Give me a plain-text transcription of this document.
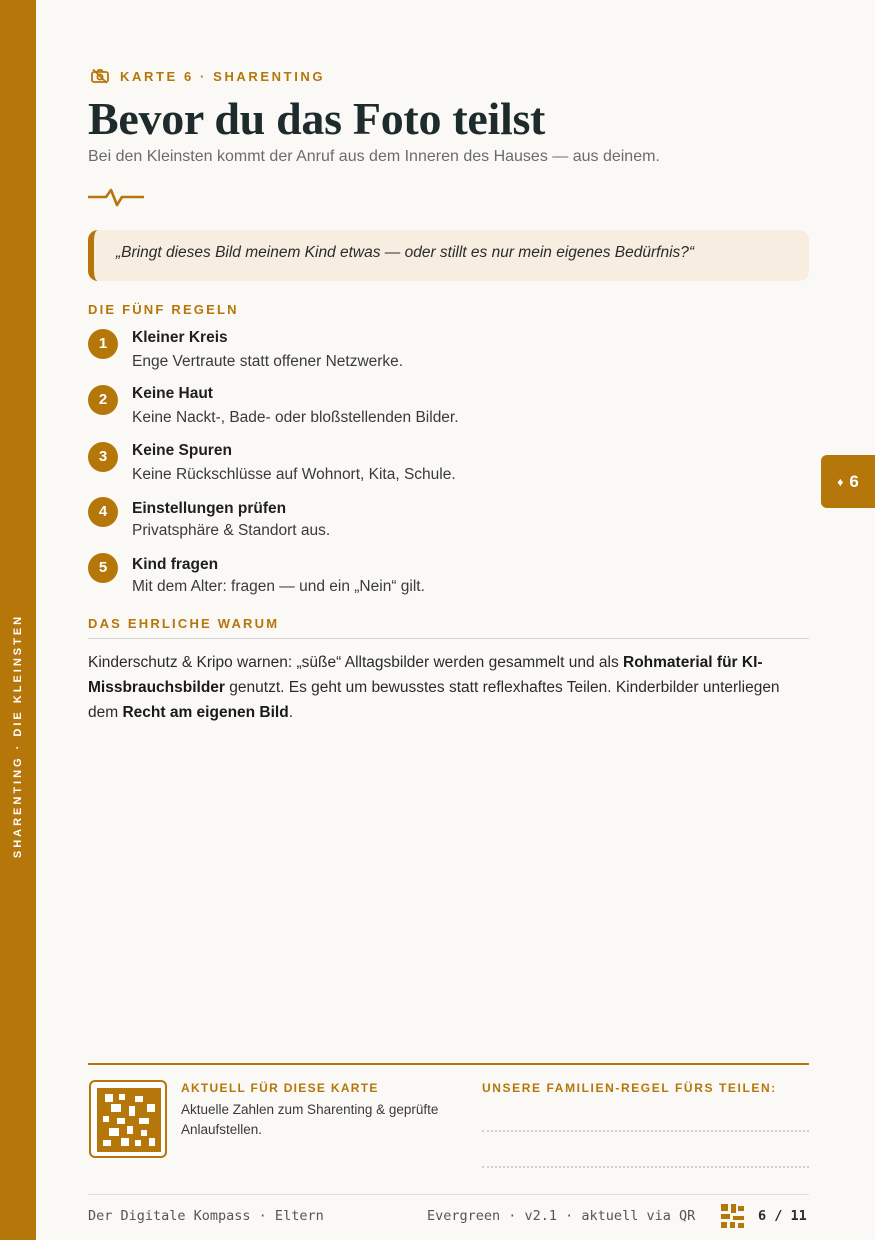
SHARENTING · DIE KLEINSTEN
KARTE 6 · SHARENTING
Bevor du das Foto teilst
Bei den Kleinsten kommt der Anruf aus dem Inneren des Hauses — aus deinem.
„Bringt dieses Bild meinem Kind etwas — oder stillt es nur mein eigenes Bedürfnis?“
DIE FÜNF REGELN
1	Kleiner Kreis
Enge Vertraute statt offener Netzwerke.
2	Keine Haut
Keine Nackt-, Bade- oder bloßstellenden Bilder.
3	Keine Spuren
Keine Rückschlüsse auf Wohnort, Kita, Schule.
4	Einstellungen prüfen
Privatsphäre & Standort aus.
5	Kind fragen
Mit dem Alter: fragen — und ein „Nein“ gilt.
DAS EHRLICHE WARUM
Kinderschutz & Kripo warnen: „süße“ Alltagsbilder werden gesammelt und als Rohmaterial für KI-Missbrauchsbilder genutzt. Es geht um bewusstes statt reflexhaftes Teilen. Kinderbilder unterliegen dem Recht am eigenen Bild.
♦ 6
AKTUELL FÜR DIESE KARTE
Aktuelle Zahlen zum Sharenting & geprüfte Anlaufstellen.
UNSERE FAMILIEN-REGEL FÜRS TEILEN:
Der Digitale Kompass · Eltern	Evergreen · v2.1 · aktuell via QR	6 / 11
